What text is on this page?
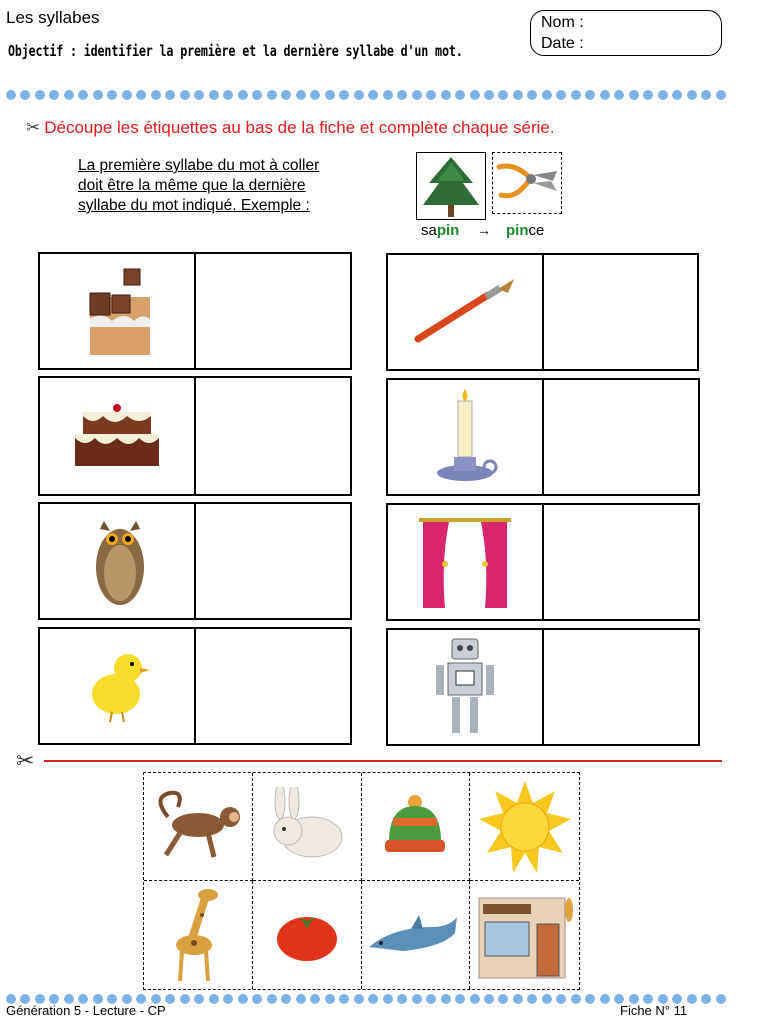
Les syllabes
Objectif : identifier la première et la dernière syllabe d'un mot.
Nom :
Date :
✂ Découpe les étiquettes au bas de la fiche et complète chaque série.
La première syllabe du mot à coller
doit être la même que la dernière
syllabe du mot indiqué. Exemple :
sapin → pince
✂
Génération 5 - Lecture - CP	Fiche N° 11
